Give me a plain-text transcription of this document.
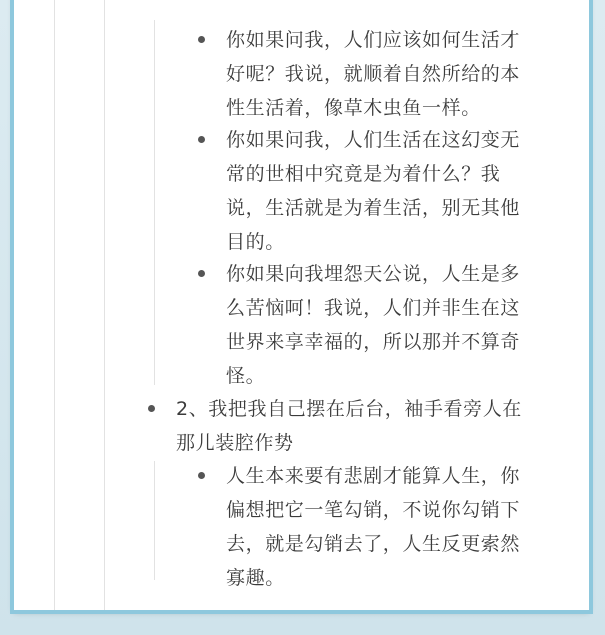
你如果问我，人们应该如何生活才
好呢？我说，就顺着自然所给的本
性生活着，像草木虫鱼一样。
你如果问我，人们生活在这幻变无
常的世相中究竟是为着什么？我
说，生活就是为着生活，别无其他
目的。
你如果向我埋怨天公说，人生是多
么苦恼呵！我说，人们并非生在这
世界来享幸福的，所以那并不算奇
怪。
2、我把我自己摆在后台，袖手看旁人在
那儿装腔作势
人生本来要有悲剧才能算人生，你
偏想把它一笔勾销，不说你勾销下
去，就是勾销去了，人生反更索然
寡趣。
